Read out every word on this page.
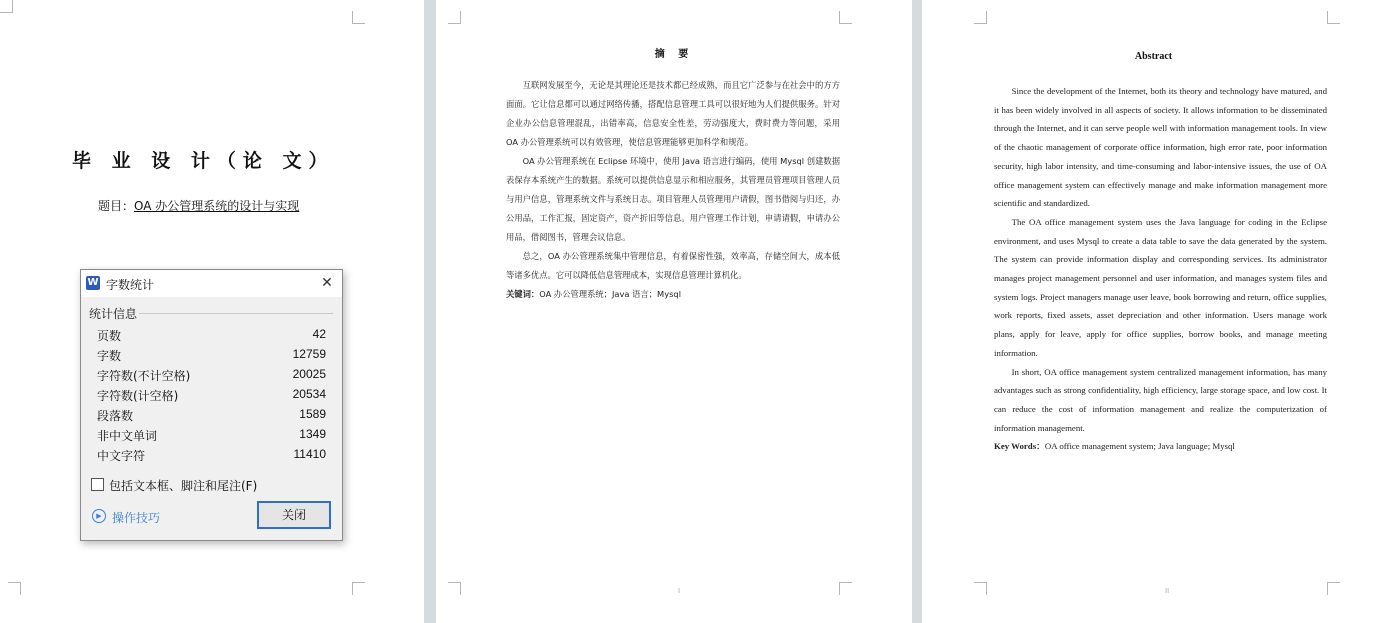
毕 业 设 计（论 文）
题目：OA 办公管理系统的设计与实现
摘 要

互联网发展至今，无论是其理论还是技术都已经成熟，而且它广泛参与在社会中的方方面面。它让信息都可以通过网络传播，搭配信息管理工具可以很好地为人们提供服务。针对企业办公信息管理混乱，出错率高，信息安全性差，劳动强度大，费时费力等问题，采用 OA 办公管理系统可以有效管理，使信息管理能够更加科学和规范。

OA 办公管理系统在 Eclipse 环境中，使用 Java 语言进行编码，使用 Mysql 创建数据表保存本系统产生的数据。系统可以提供信息显示和相应服务，其管理员管理项目管理人员与用户信息，管理系统文件与系统日志。项目管理人员管理用户请假，图书借阅与归还，办公用品，工作汇报，固定资产，资产折旧等信息。用户管理工作计划，申请请假，申请办公用品，借阅图书，管理会议信息。

总之，OA 办公管理系统集中管理信息，有着保密性强，效率高，存储空间大，成本低等诸多优点。它可以降低信息管理成本，实现信息管理计算机化。

关键词：OA 办公管理系统；Java 语言；Mysql

I
Abstract

Since the development of the Internet, both its theory and technology have matured, and it has been widely involved in all aspects of society. It allows information to be disseminated through the Internet, and it can serve people well with information management tools. In view of the chaotic management of corporate office information, high error rate, poor information security, high labor intensity, and time-consuming and labor-intensive issues, the use of OA office management system can effectively manage and make information management more scientific and standardized.

The OA office management system uses the Java language for coding in the Eclipse environment, and uses Mysql to create a data table to save the data generated by the system. The system can provide information display and corresponding services. Its administrator manages project management personnel and user information, and manages system files and system logs. Project managers manage user leave, book borrowing and return, office supplies, work reports, fixed assets, asset depreciation and other information. Users manage work plans, apply for leave, apply for office supplies, borrow books, and manage meeting information.

In short, OA office management system centralized management information, has many advantages such as strong confidentiality, high efficiency, large storage space, and low cost. It can reduce the cost of information management and realize the computerization of information management.

Key Words：OA office management system; Java language; Mysql

II
W 字数统计	✕
统计信息
页数	42
字数	12759
字符数(不计空格)	20025
字符数(计空格)	20534
段落数	1589
非中文单词	1349
中文字符	11410
包括文本框、脚注和尾注(F)
▶ 操作技巧	关闭
